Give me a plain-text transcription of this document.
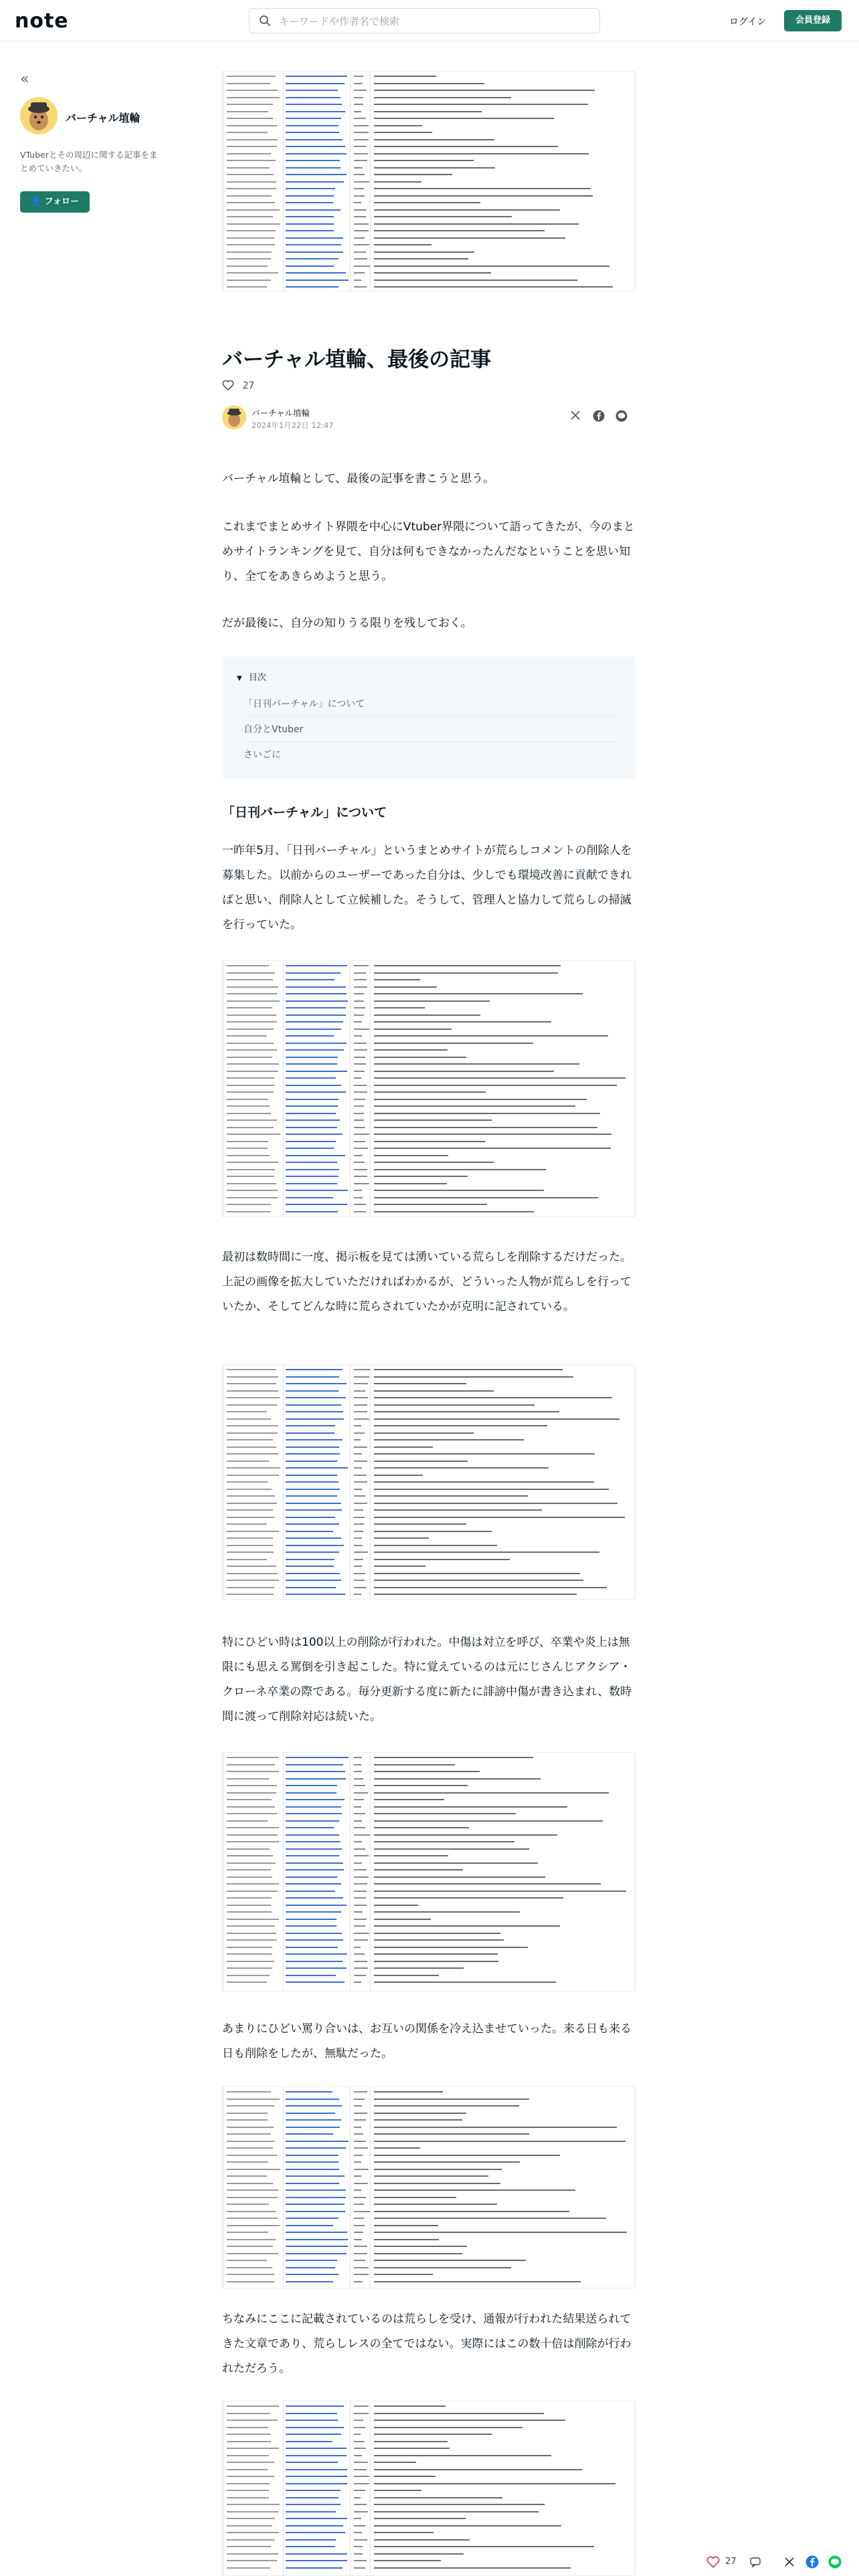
note
キーワードや作者名で検索	ログイン	会員登録
«
バーチャル埴輪
VTuberとその周辺に関する記事をまとめていきたい。
👤 フォロー
バーチャル埴輪、最後の記事
27
バーチャル埴輪
2024年1月22日 12:47
バーチャル埴輪として、最後の記事を書こうと思う。
これまでまとめサイト界隈を中心にVtuber界隈について語ってきたが、今のまとめサイトランキングを見て、自分は何もできなかったんだなということを思い知り、全てをあきらめようと思う。
だが最後に、自分の知りうる限りを残しておく。
▼ 目次
「日刊バーチャル」について
自分とVtuber
さいごに
「日刊バーチャル」について
一昨年5月、「日刊バーチャル」というまとめサイトが荒らしコメントの削除人を募集した。以前からのユーザーであった自分は、少しでも環境改善に貢献できればと思い、削除人として立候補した。そうして、管理人と協力して荒らしの掃滅を行っていた。
最初は数時間に一度、掲示板を見ては湧いている荒らしを削除するだけだった。上記の画像を拡大していただければわかるが、どういった人物が荒らしを行っていたか、そしてどんな時に荒らされていたかが克明に記されている。
特にひどい時は100以上の削除が行われた。中傷は対立を呼び、卒業や炎上は無限にも思える罵倒を引き起こした。特に覚えているのは元にじさんじアクシア・クローネ卒業の際である。毎分更新する度に新たに誹謗中傷が書き込まれ、数時間に渡って削除対応は続いた。
あまりにひどい罵り合いは、お互いの関係を冷え込ませていった。来る日も来る日も削除をしたが、無駄だった。
ちなみにここに記載されているのは荒らしを受け、通報が行われた結果送られてきた文章であり、荒らしレスの全てではない。実際にはこの数十倍は削除が行われただろう。
27
